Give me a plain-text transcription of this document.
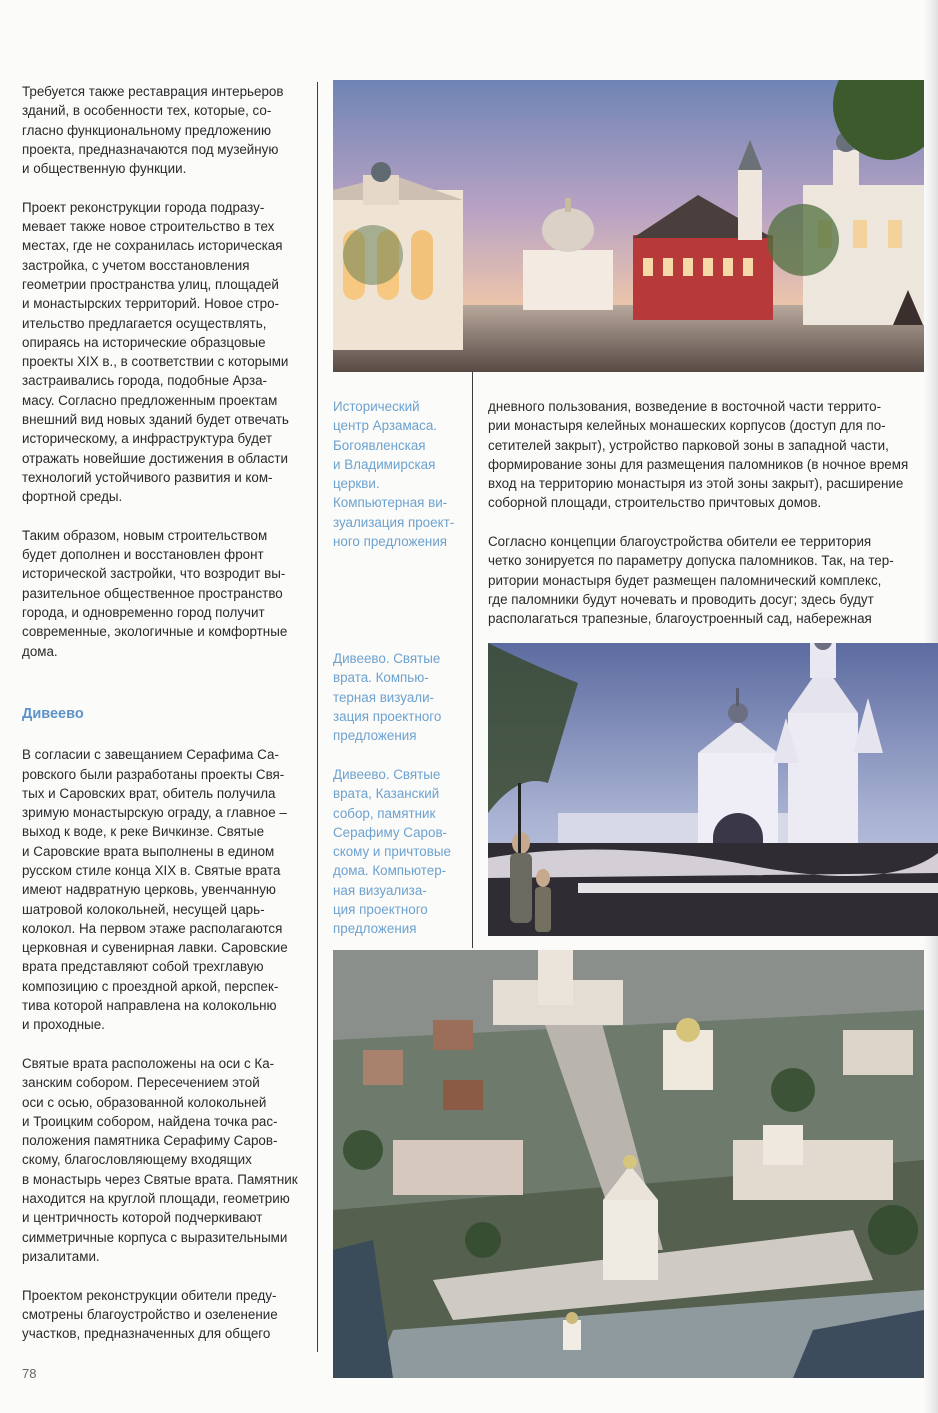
Требуется также реставрация интерьеров
зданий, в особенности тех, которые, со-
гласно функциональному предложению
проекта, предназначаются под музейную
и общественную функции.

Проект реконструкции города подразу-
мевает также новое строительство в тех
местах, где не сохранилась историческая
застройка, с учетом восстановления
геометрии пространства улиц, площадей
и монастырских территорий. Новое стро-
ительство предлагается осуществлять,
опираясь на исторические образцовые
проекты XIX в., в соответствии с которыми
застраивались города, подобные Арза-
масу. Согласно предложенным проектам
внешний вид новых зданий будет отвечать
историческому, а инфраструктура будет
отражать новейшие достижения в области
технологий устойчивого развития и ком-
фортной среды.

Таким образом, новым строительством
будет дополнен и восстановлен фронт
исторической застройки, что возродит вы-
разительное общественное пространство
города, и одновременно город получит
современные, экологичные и комфортные
дома.

Дивеево

В согласии с завещанием Серафима Са-
ровского были разработаны проекты Свя-
тых и Саровских врат, обитель получила
зримую монастырскую ограду, а главное –
выход к воде, к реке Вичкинзе. Святые
и Саровские врата выполнены в едином
русском стиле конца XIX в. Святые врата
имеют надвратную церковь, увенчанную
шатровой колокольней, несущей царь-
колокол. На первом этаже располагаются
церковная и сувенирная лавки. Саровские
врата представляют собой трехглавую
композицию с проездной аркой, перспек-
тива которой направлена на колокольню
и проходные.

Святые врата расположены на оси с Ка-
занским собором. Пересечением этой
оси с осью, образованной колокольней
и Троицким собором, найдена точка рас-
положения памятника Серафиму Саров-
скому, благословляющему входящих
в монастырь через Святые врата. Памятник
находится на круглой площади, геометрию
и центричность которой подчеркивают
симметричные корпуса с выразительными
ризалитами.

Проектом реконструкции обители преду-
смотрены благоустройство и озеленение
участков, предназначенных для общего

78
Исторический
центр Арзамаса.
Богоявленская
и Владимирская
церкви.
Компьютерная ви-
зуализация проект-
ного предложения

дневного пользования, возведение в восточной части террито-
рии монастыря келейных монашеских корпусов (доступ для по-
сетителей закрыт), устройство парковой зоны в западной части,
формирование зоны для размещения паломников (в ночное время
вход на территорию монастыря из этой зоны закрыт), расширение
соборной площади, строительство причтовых домов.

Согласно концепции благоустройства обители ее территория
четко зонируется по параметру допуска паломников. Так, на тер-
ритории монастыря будет размещен паломнический комплекс,
где паломники будут ночевать и проводить досуг; здесь будут
располагаться трапезные, благоустроенный сад, набережная

Дивеево. Святые
врата. Компью-
терная визуали-
зация проектного
предложения
Дивеево. Святые
врата, Казанский
собор, памятник
Серафиму Саров-
скому и причтовые
дома. Компьютер-
ная визуализа-
ция проектного
предложения
